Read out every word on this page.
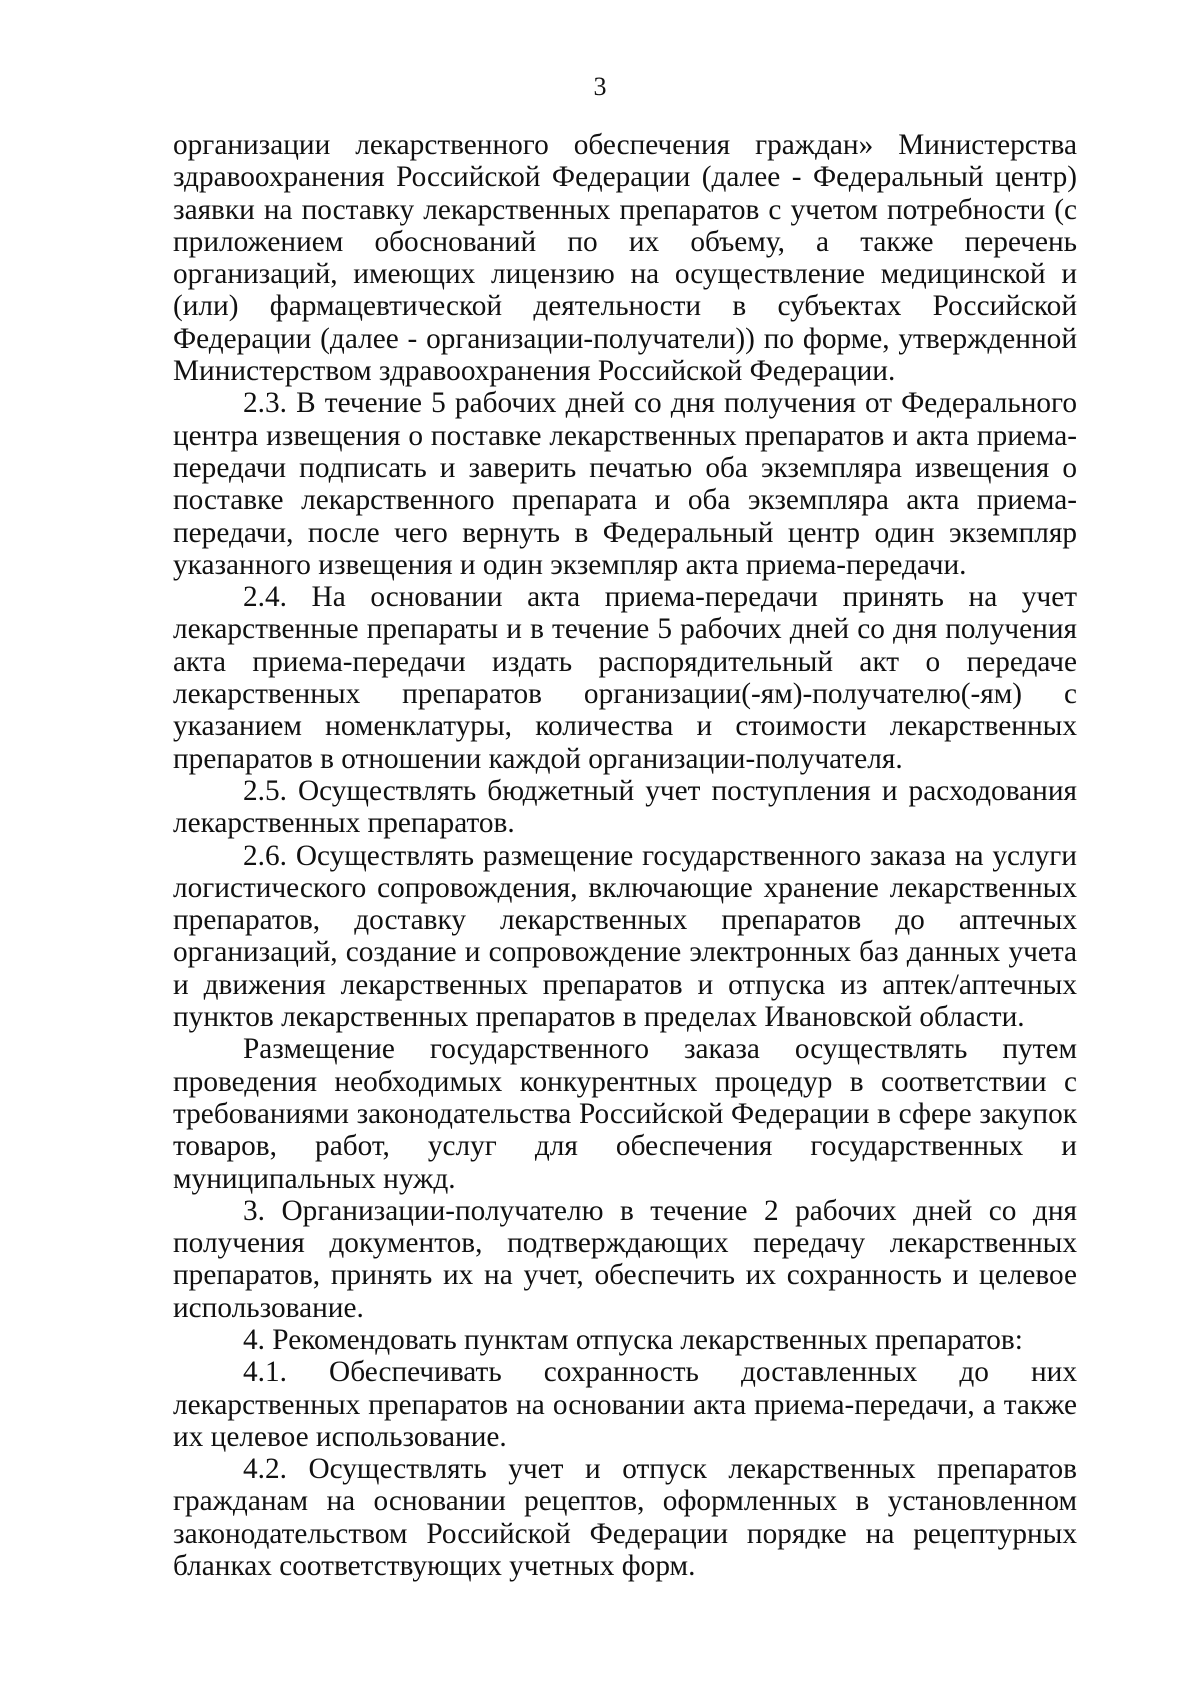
3

организации лекарственного обеспечения граждан» Министерства здравоохранения Российской Федерации (далее - Федеральный центр) заявки на поставку лекарственных препаратов с учетом потребности (с приложением обоснований по их объему, а также перечень организаций, имеющих лицензию на осуществление медицинской и (или) фармацевтической деятельности в субъектах Российской Федерации (далее - организации-получатели)) по форме, утвержденной Министерством здравоохранения Российской Федерации.

2.3. В течение 5 рабочих дней со дня получения от Федерального центра извещения о поставке лекарственных препаратов и акта приема-передачи подписать и заверить печатью оба экземпляра извещения о поставке лекарственного препарата и оба экземпляра акта приема-передачи, после чего вернуть в Федеральный центр один экземпляр указанного извещения и один экземпляр акта приема-передачи.

2.4. На основании акта приема-передачи принять на учет лекарственные препараты и в течение 5 рабочих дней со дня получения акта приема-передачи издать распорядительный акт о передаче лекарственных препаратов организации(-ям)-получателю(-ям) с указанием номенклатуры, количества и стоимости лекарственных препаратов в отношении каждой организации-получателя.

2.5. Осуществлять бюджетный учет поступления и расходования лекарственных препаратов.

2.6. Осуществлять размещение государственного заказа на услуги логистического сопровождения, включающие хранение лекарственных препаратов, доставку лекарственных препаратов до аптечных организаций, создание и сопровождение электронных баз данных учета и движения лекарственных препаратов и отпуска из аптек/аптечных пунктов лекарственных препаратов в пределах Ивановской области.

Размещение государственного заказа осуществлять путем проведения необходимых конкурентных процедур в соответствии с требованиями законодательства Российской Федерации в сфере закупок товаров, работ, услуг для обеспечения государственных и муниципальных нужд.

3. Организации-получателю в течение 2 рабочих дней со дня получения документов, подтверждающих передачу лекарственных препаратов, принять их на учет, обеспечить их сохранность и целевое использование.

4. Рекомендовать пунктам отпуска лекарственных препаратов:

4.1. Обеспечивать сохранность доставленных до них лекарственных препаратов на основании акта приема-передачи, а также их целевое использование.

4.2. Осуществлять учет и отпуск лекарственных препаратов гражданам на основании рецептов, оформленных в установленном законодательством Российской Федерации порядке на рецептурных бланках соответствующих учетных форм.
